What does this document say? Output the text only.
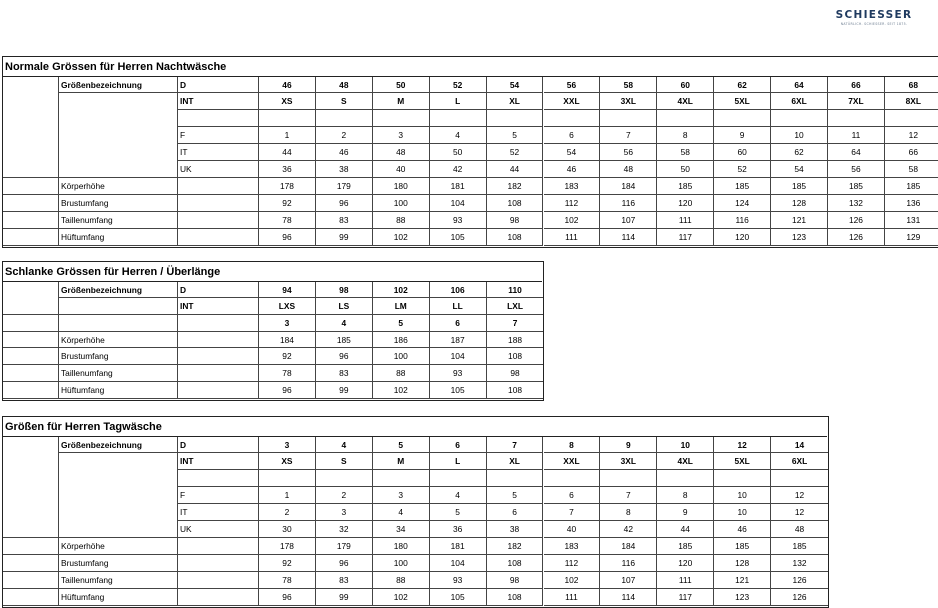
SCHIESSER
NATÜRLICH. SCHIESSER. SEIT 1875.
Normale Grössen für Herren Nachtwäsche
Größenbezeichnung	D	46	48	50	52	54	56	58	60	62	64	66	68
INT	XS	S	M	L	XL	XXL	3XL	4XL	5XL	6XL	7XL	8XL
F	1	2	3	4	5	6	7	8	9	10	11	12
IT	44	46	48	50	52	54	56	58	60	62	64	66
UK	36	38	40	42	44	46	48	50	52	54	56	58
Körperhöhe	178	179	180	181	182	183	184	185	185	185	185	185
Brustumfang	92	96	100	104	108	112	116	120	124	128	132	136
Taillenumfang	78	83	88	93	98	102	107	111	116	121	126	131
Hüftumfang	96	99	102	105	108	111	114	117	120	123	126	129
Schlanke Grössen für Herren / Überlänge
Größenbezeichnung	D	94	98	102	106	110
INT	LXS	LS	LM	LL	LXL
3	4	5	6	7
Körperhöhe	184	185	186	187	188
Brustumfang	92	96	100	104	108
Taillenumfang	78	83	88	93	98
Hüftumfang	96	99	102	105	108
Größen für Herren Tagwäsche
Größenbezeichnung	D	3	4	5	6	7	8	9	10	12	14
INT	XS	S	M	L	XL	XXL	3XL	4XL	5XL	6XL
F	1	2	3	4	5	6	7	8	10	12
IT	2	3	4	5	6	7	8	9	10	12
UK	30	32	34	36	38	40	42	44	46	48
Körperhöhe	178	179	180	181	182	183	184	185	185	185
Brustumfang	92	96	100	104	108	112	116	120	128	132
Taillenumfang	78	83	88	93	98	102	107	111	121	126
Hüftumfang	96	99	102	105	108	111	114	117	123	126
